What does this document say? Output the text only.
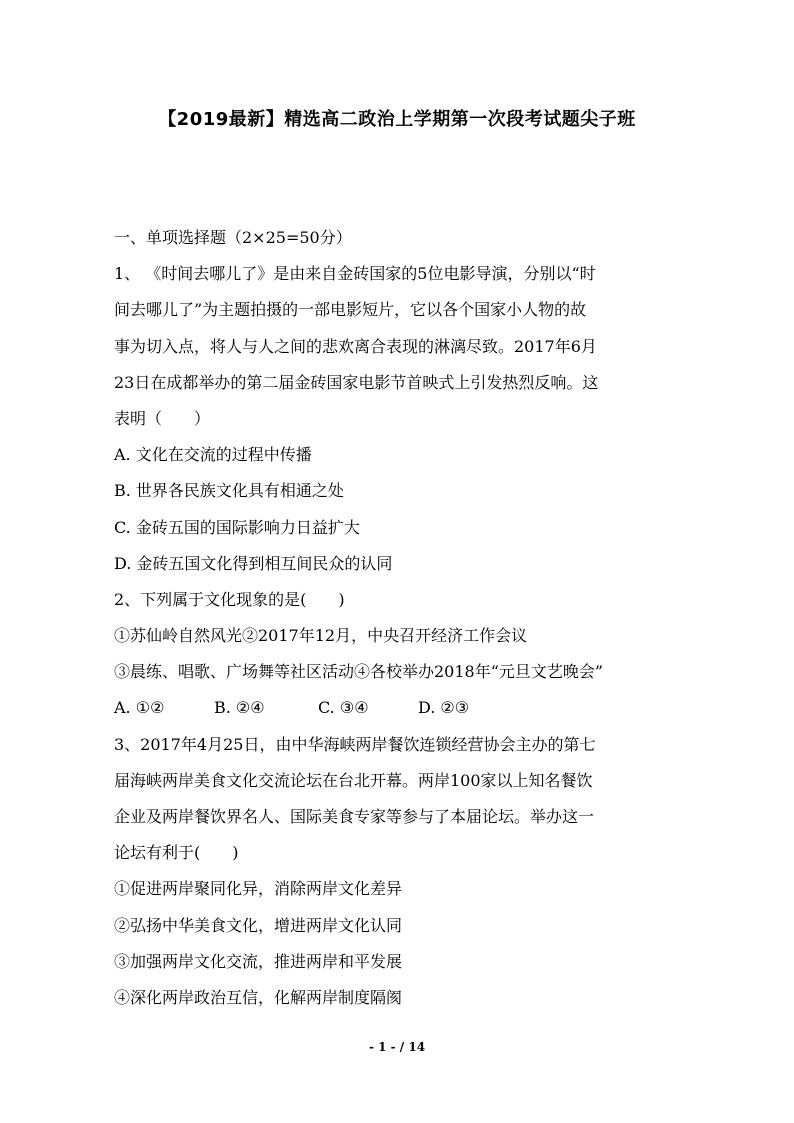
【2019最新】精选高二政治上学期第一次段考试题尖子班
一、单项选择题（2×25=50分）
1、 《时间去哪儿了》是由来自金砖国家的5位电影导演，分别以“时
间去哪儿了”为主题拍摄的一部电影短片，它以各个国家小人物的故
事为切入点，将人与人之间的悲欢离合表现的淋漓尽致。2017年6月
23日在成都举办的第二届金砖国家电影节首映式上引发热烈反响。这
表明（　　）
A. 文化在交流的过程中传播
B. 世界各民族文化具有相通之处
C. 金砖五国的国际影响力日益扩大
D. 金砖五国文化得到相互间民众的认同
2、下列属于文化现象的是(　　)
①苏仙岭自然风光②2017年12月，中央召开经济工作会议
③晨练、唱歌、广场舞等社区活动④各校举办2018年“元旦文艺晚会”
A. ①②	B. ②④	C. ③④	D. ②③
3、2017年4月25日，由中华海峡两岸餐饮连锁经营协会主办的第七
届海峡两岸美食文化交流论坛在台北开幕。两岸100家以上知名餐饮
企业及两岸餐饮界名人、国际美食专家等参与了本届论坛。举办这一
论坛有利于(　　)
①促进两岸聚同化异，消除两岸文化差异
②弘扬中华美食文化，增进两岸文化认同
③加强两岸文化交流，推进两岸和平发展
④深化两岸政治互信，化解两岸制度隔阂
- 1 - / 14
